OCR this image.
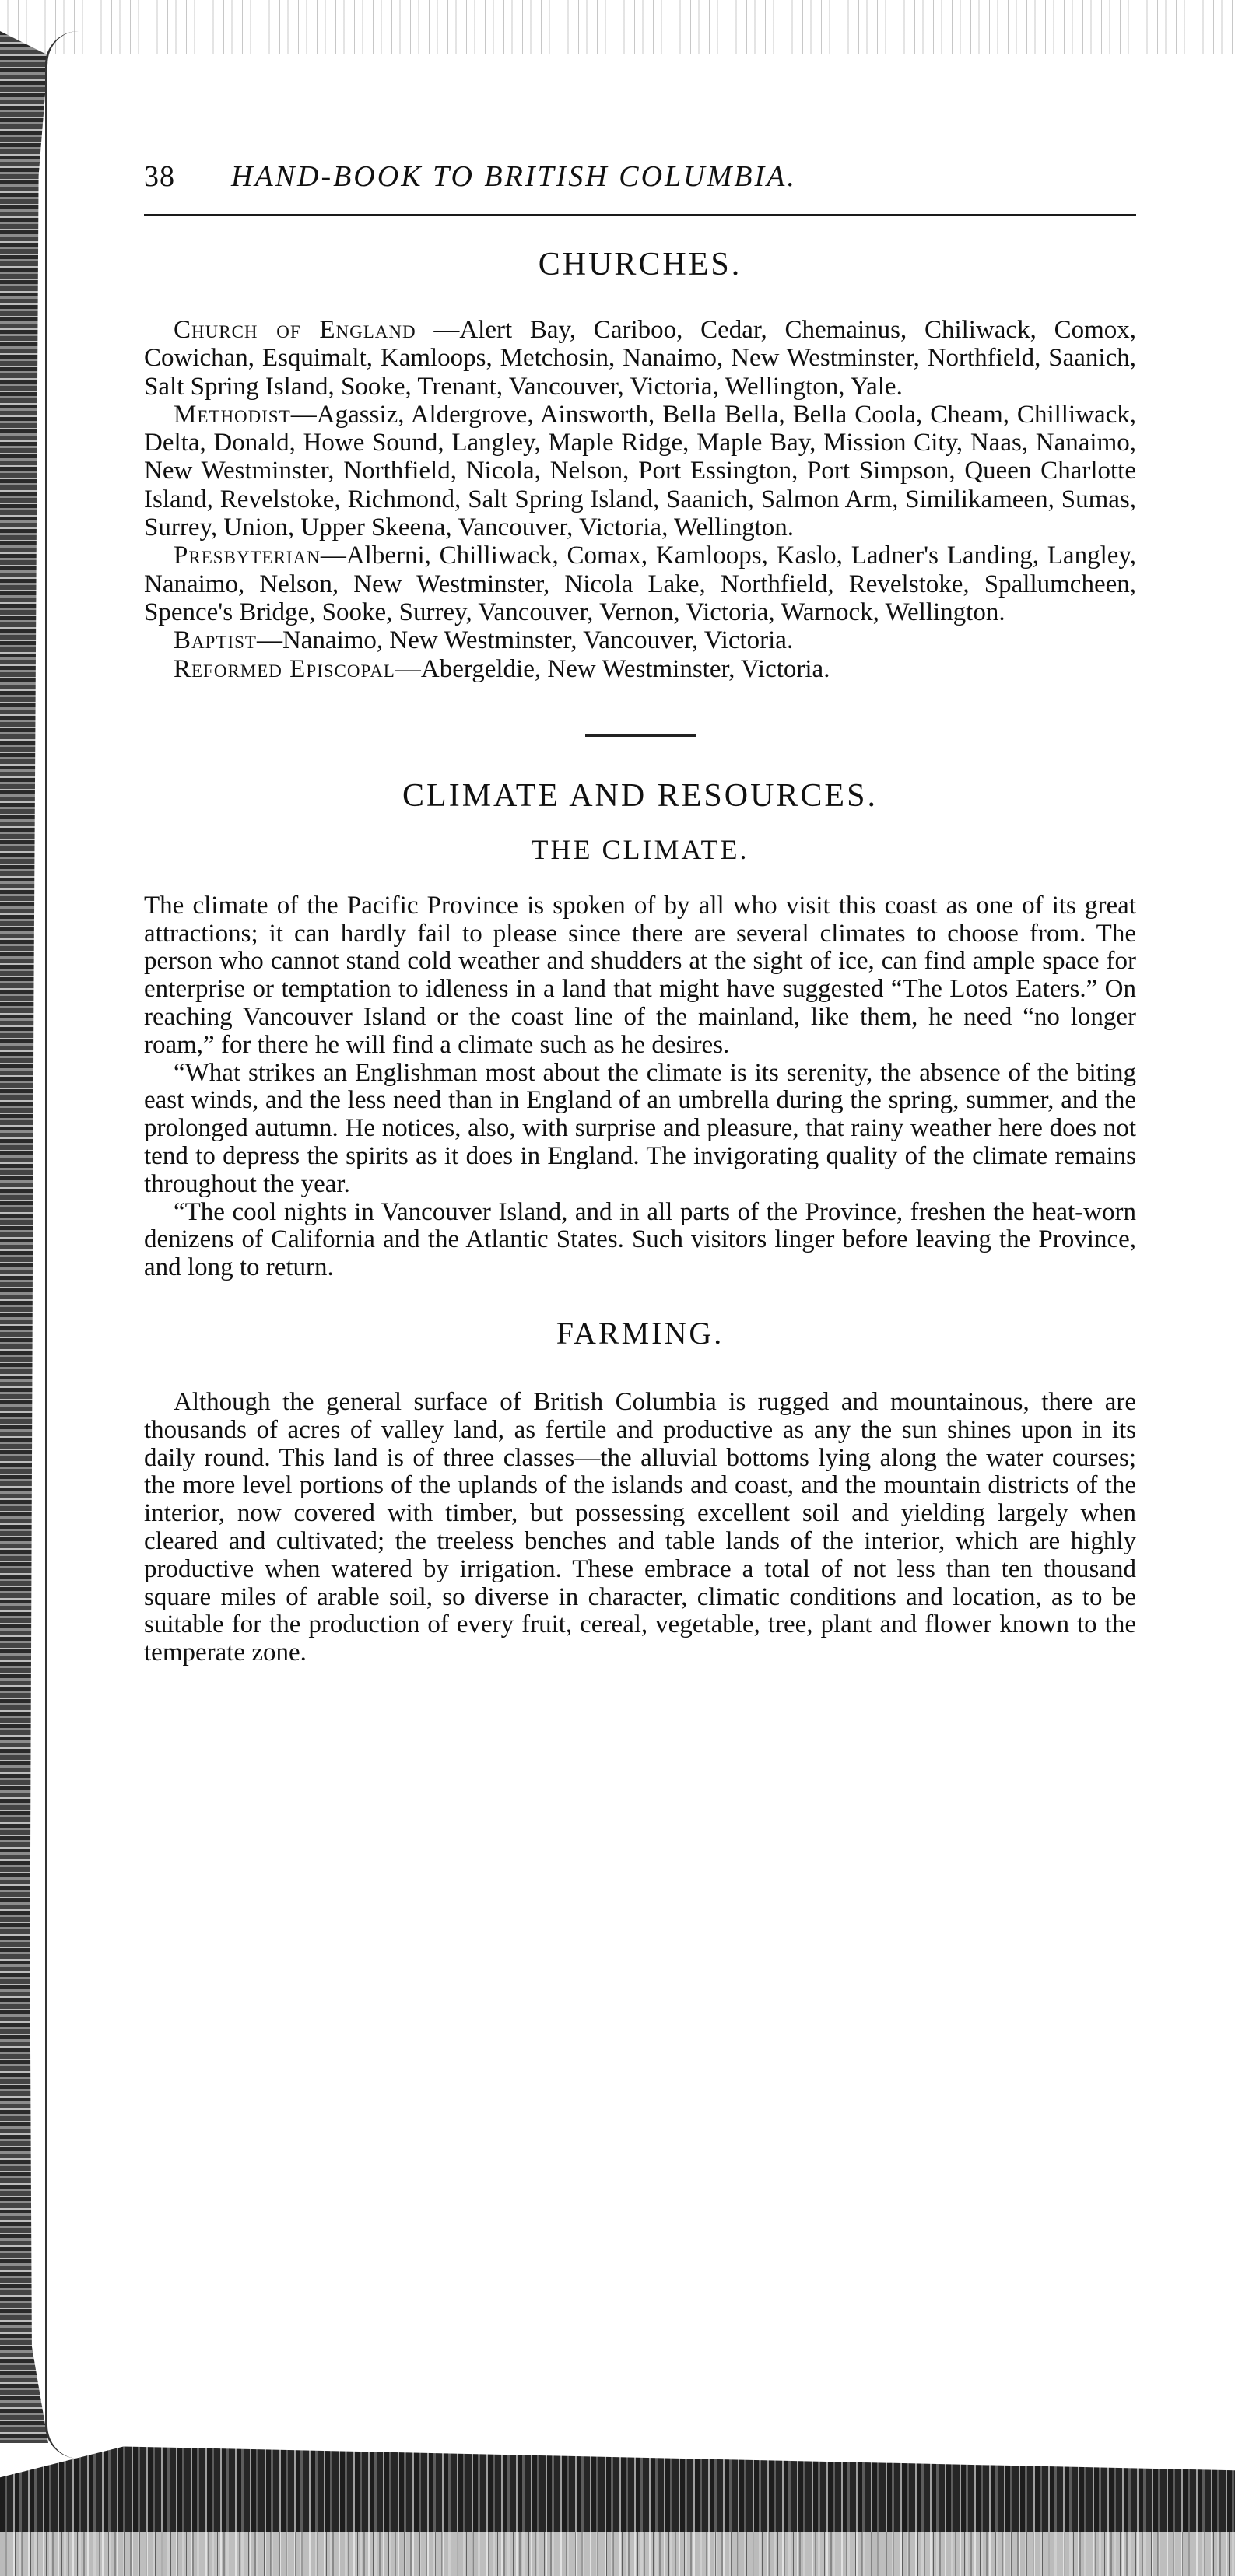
38	HAND-BOOK TO BRITISH COLUMBIA.
CHURCHES.

Church of England —Alert Bay, Cariboo, Cedar, Chemainus, Chiliwack, Comox, Cowichan, Esquimalt, Kamloops, Metchosin, Nanaimo, New Westminster, Northfield, Saanich, Salt Spring Island, Sooke, Trenant, Vancouver, Victoria, Wellington, Yale.

Methodist—Agassiz, Aldergrove, Ainsworth, Bella Bella, Bella Coola, Cheam, Chilliwack, Delta, Donald, Howe Sound, Langley, Maple Ridge, Maple Bay, Mission City, Naas, Nanaimo, New Westminster, Northfield, Nicola, Nelson, Port Essington, Port Simpson, Queen Charlotte Island, Revelstoke, Richmond, Salt Spring Island, Saanich, Salmon Arm, Similikameen, Sumas, Surrey, Union, Upper Skeena, Vancouver, Victoria, Wellington.

Presbyterian—Alberni, Chilliwack, Comax, Kamloops, Kaslo, Ladner's Landing, Langley, Nanaimo, Nelson, New Westminster, Nicola Lake, Northfield, Revelstoke, Spallumcheen, Spence's Bridge, Sooke, Surrey, Vancouver, Vernon, Victoria, Warnock, Wellington.

Baptist—Nanaimo, New Westminster, Vancouver, Victoria.

Reformed Episcopal—Abergeldie, New Westminster, Victoria.

CLIMATE AND RESOURCES.
THE CLIMATE.

The climate of the Pacific Province is spoken of by all who visit this coast as one of its great attractions; it can hardly fail to please since there are several climates to choose from. The person who cannot stand cold weather and shudders at the sight of ice, can find ample space for enterprise or temptation to idleness in a land that might have suggested “The Lotos Eaters.” On reaching Vancouver Island or the coast line of the mainland, like them, he need “no longer roam,” for there he will find a climate such as he desires.

“What strikes an Englishman most about the climate is its serenity, the absence of the biting east winds, and the less need than in England of an umbrella during the spring, summer, and the prolonged autumn. He notices, also, with surprise and pleasure, that rainy weather here does not tend to depress the spirits as it does in England. The invigorating quality of the climate remains throughout the year.

“The cool nights in Vancouver Island, and in all parts of the Province, freshen the heat-worn denizens of California and the Atlantic States. Such visitors linger before leaving the Province, and long to return.

FARMING.

Although the general surface of British Columbia is rugged and mountainous, there are thousands of acres of valley land, as fertile and productive as any the sun shines upon in its daily round. This land is of three classes—the alluvial bottoms lying along the water courses; the more level portions of the uplands of the islands and coast, and the mountain districts of the interior, now covered with timber, but possessing excellent soil and yielding largely when cleared and cultivated; the treeless benches and table lands of the interior, which are highly productive when watered by irrigation. These embrace a total of not less than ten thousand square miles of arable soil, so diverse in character, climatic conditions and location, as to be suitable for the production of every fruit, cereal, vegetable, tree, plant and flower known to the temperate zone.
